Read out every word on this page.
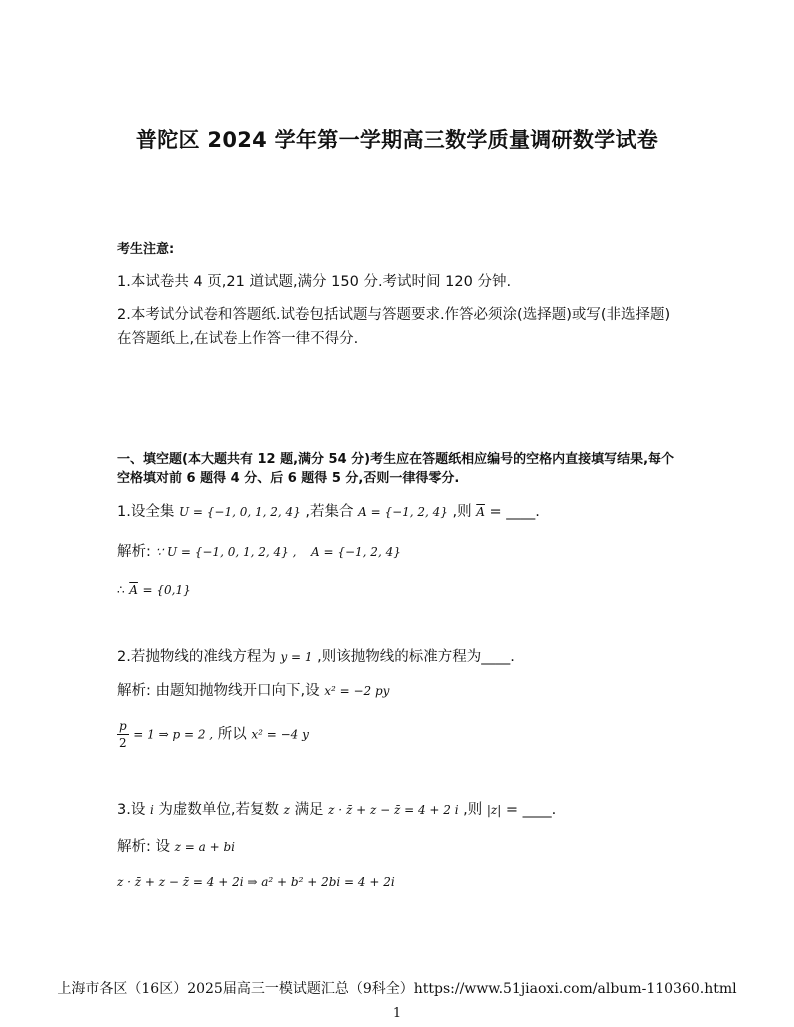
普陀区 2024 学年第一学期高三数学质量调研数学试卷
考生注意:
1.本试卷共 4 页,21 道试题,满分 150 分.考试时间 120 分钟.
2.本考试分试卷和答题纸.试卷包括试题与答题要求.作答必须涂(选择题)或写(非选择题)在答题纸上,在试卷上作答一律不得分.
一、填空题(本大题共有 12 题,满分 54 分)考生应在答题纸相应编号的空格内直接填写结果,每个空格填对前 6 题得 4 分、后 6 题得 5 分,否则一律得零分.
1.设全集 U = {−1, 0, 1, 2, 4} ,若集合 A = {−1, 2, 4} ,则 $\overline{A}$ = ____.
解析: ∵ U = {−1, 0, 1, 2, 4} , A = {−1, 2, 4}
∴ $\overline{A} = \{0,1\}$
2.若抛物线的准线方程为 y = 1 ,则该抛物线的标准方程为____.
解析: 由题知抛物线开口向下,设 x² = −2 py
$\frac{p}{2} = 1$ ⇒ p = 2 , 所以 x² = −4 y
3.设 i 为虚数单位,若复数 z 满足 z · z̄ + z − z̄ = 4 + 2 i ,则 |z| = ____.
解析: 设 z = a + bi
z · z̄ + z − z̄ = 4 + 2i ⇒ a² + b² + 2bi = 4 + 2i
上海市各区（16区）2025届高三一模试题汇总（9科全）https://www.51jiaoxi.com/album-110360.html
1
